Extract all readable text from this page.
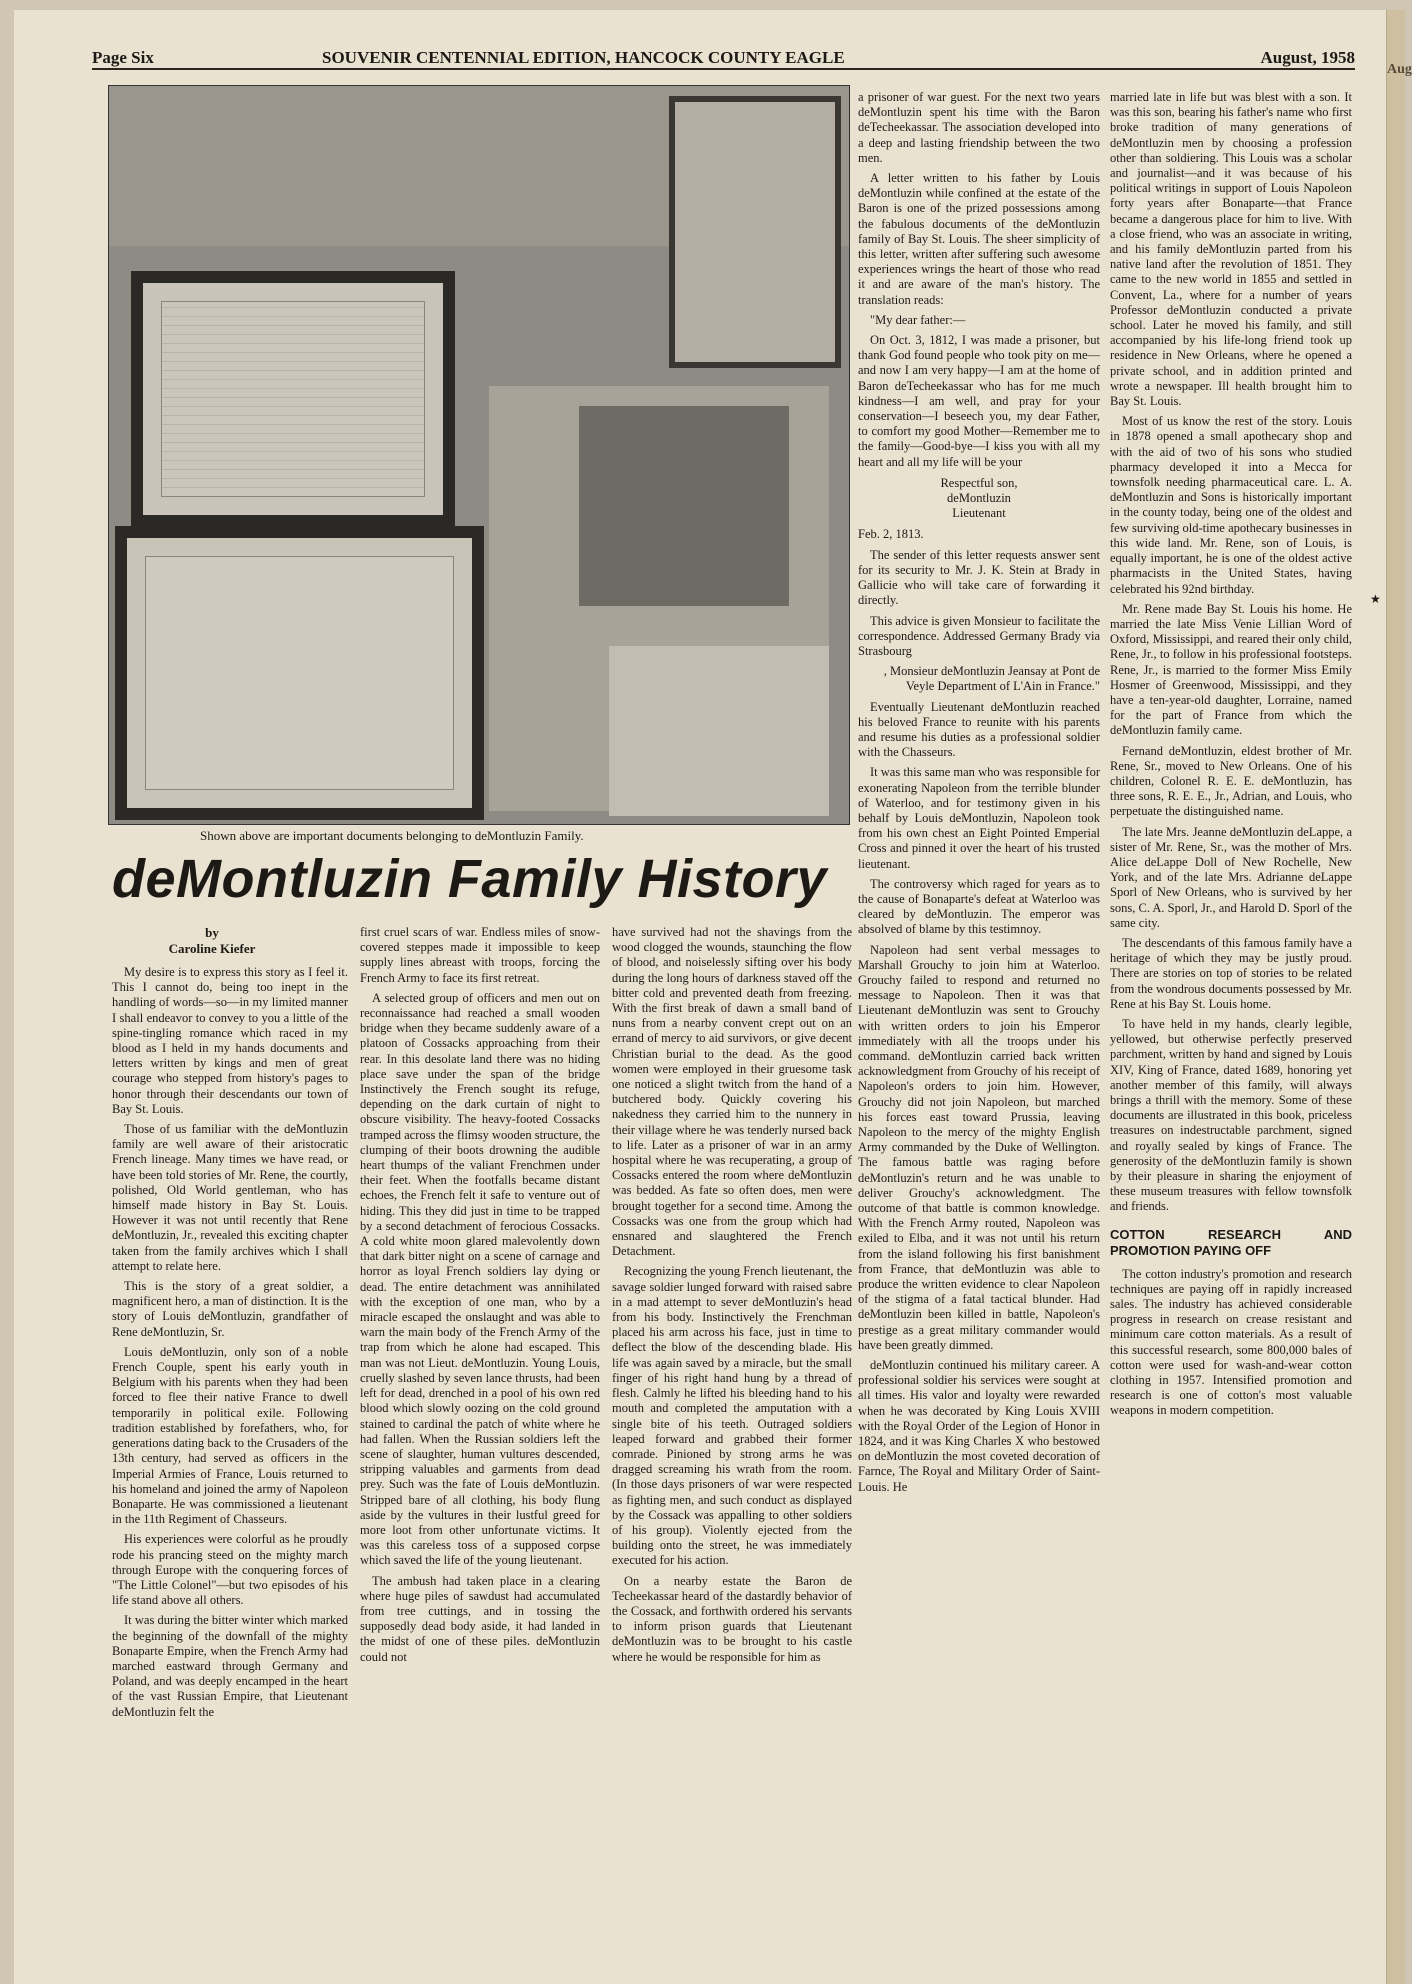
Aug
Page Six	SOUVENIR CENTENNIAL EDITION, HANCOCK COUNTY EAGLE	August, 1958
Shown above are important documents belonging to deMontluzin Family.
deMontluzin Family History
by
Caroline Kiefer

My desire is to express this story as I feel it. This I cannot do, being too inept in the handling of words—so—in my limited manner I shall endeavor to convey to you a little of the spine-tingling romance which raced in my blood as I held in my hands documents and letters written by kings and men of great courage who stepped from history's pages to honor through their descendants our town of Bay St. Louis.

Those of us familiar with the deMontluzin family are well aware of their aristocratic French lineage. Many times we have read, or have been told stories of Mr. Rene, the courtly, polished, Old World gentleman, who has himself made history in Bay St. Louis. However it was not until recently that Rene deMontluzin, Jr., revealed this exciting chapter taken from the family archives which I shall attempt to relate here.

This is the story of a great soldier, a magnificent hero, a man of distinction. It is the story of Louis deMontluzin, grandfather of Rene deMontluzin, Sr.

Louis deMontluzin, only son of a noble French Couple, spent his early youth in Belgium with his parents when they had been forced to flee their native France to dwell temporarily in political exile. Following tradition established by forefathers, who, for generations dating back to the Crusaders of the 13th century, had served as officers in the Imperial Armies of France, Louis returned to his homeland and joined the army of Napoleon Bonaparte. He was commissioned a lieutenant in the 11th Regiment of Chasseurs.

His experiences were colorful as he proudly rode his prancing steed on the mighty march through Europe with the conquering forces of "The Little Colonel"—but two episodes of his life stand above all others.

It was during the bitter winter which marked the beginning of the downfall of the mighty Bonaparte Empire, when the French Army had marched eastward through Germany and Poland, and was deeply encamped in the heart of the vast Russian Empire, that Lieutenant deMontluzin felt the

first cruel scars of war. Endless miles of snow-covered steppes made it impossible to keep supply lines abreast with troops, forcing the French Army to face its first retreat.

A selected group of officers and men out on reconnaissance had reached a small wooden bridge when they became suddenly aware of a platoon of Cossacks approaching from their rear. In this desolate land there was no hiding place save under the span of the bridge Instinctively the French sought its refuge, depending on the dark curtain of night to obscure visibility. The heavy-footed Cossacks tramped across the flimsy wooden structure, the clumping of their boots drowning the audible heart thumps of the valiant Frenchmen under their feet. When the footfalls became distant echoes, the French felt it safe to venture out of hiding. This they did just in time to be trapped by a second detachment of ferocious Cossacks. A cold white moon glared malevolently down that dark bitter night on a scene of carnage and horror as loyal French soldiers lay dying or dead. The entire detachment was annihilated with the exception of one man, who by a miracle escaped the onslaught and was able to warn the main body of the French Army of the trap from which he alone had escaped. This man was not Lieut. deMontluzin. Young Louis, cruelly slashed by seven lance thrusts, had been left for dead, drenched in a pool of his own red blood which slowly oozing on the cold ground stained to cardinal the patch of white where he had fallen. When the Russian soldiers left the scene of slaughter, human vultures descended, stripping valuables and garments from dead prey. Such was the fate of Louis deMontluzin. Stripped bare of all clothing, his body flung aside by the vultures in their lustful greed for more loot from other unfortunate victims. It was this careless toss of a supposed corpse which saved the life of the young lieutenant.

The ambush had taken place in a clearing where huge piles of sawdust had accumulated from tree cuttings, and in tossing the supposedly dead body aside, it had landed in the midst of one of these piles. deMontluzin could not

have survived had not the shavings from the wood clogged the wounds, staunching the flow of blood, and noiselessly sifting over his body during the long hours of darkness staved off the bitter cold and prevented death from freezing. With the first break of dawn a small band of nuns from a nearby convent crept out on an errand of mercy to aid survivors, or give decent Christian burial to the dead. As the good women were employed in their gruesome task one noticed a slight twitch from the hand of a butchered body. Quickly covering his nakedness they carried him to the nunnery in their village where he was tenderly nursed back to life. Later as a prisoner of war in an army hospital where he was recuperating, a group of Cossacks entered the room where deMontluzin was bedded. As fate so often does, men were brought together for a second time. Among the Cossacks was one from the group which had ensnared and slaughtered the French Detachment.

Recognizing the young French lieutenant, the savage soldier lunged forward with raised sabre in a mad attempt to sever deMontluzin's head from his body. Instinctively the Frenchman placed his arm across his face, just in time to deflect the blow of the descending blade. His life was again saved by a miracle, but the small finger of his right hand hung by a thread of flesh. Calmly he lifted his bleeding hand to his mouth and completed the amputation with a single bite of his teeth. Outraged soldiers leaped forward and grabbed their former comrade. Pinioned by strong arms he was dragged screaming his wrath from the room. (In those days prisoners of war were respected as fighting men, and such conduct as displayed by the Cossack was appalling to other soldiers of his group). Violently ejected from the building onto the street, he was immediately executed for his action.

On a nearby estate the Baron de Techeekassar heard of the dastardly behavior of the Cossack, and forthwith ordered his servants to inform prison guards that Lieutenant deMontluzin was to be brought to his castle where he would be responsible for him as

a prisoner of war guest. For the next two years deMontluzin spent his time with the Baron deTecheekassar. The association developed into a deep and lasting friendship between the two men.

A letter written to his father by Louis deMontluzin while confined at the estate of the Baron is one of the prized possessions among the fabulous documents of the deMontluzin family of Bay St. Louis. The sheer simplicity of this letter, written after suffering such awesome experiences wrings the heart of those who read it and are aware of the man's history. The translation reads:

"My dear father:—

On Oct. 3, 1812, I was made a prisoner, but thank God found people who took pity on me—and now I am very happy—I am at the home of Baron deTecheekassar who has for me much kindness—I am well, and pray for your conservation—I beseech you, my dear Father, to comfort my good Mother—Remember me to the family—Good-bye—I kiss you with all my heart and all my life will be your

Respectful son,
deMontluzin
Lieutenant

Feb. 2, 1813.

The sender of this letter requests answer sent for its security to Mr. J. K. Stein at Brady in Gallicie who will take care of forwarding it directly.

This advice is given Monsieur to facilitate the correspondence. Addressed Germany Brady via Strasbourg

, Monsieur deMontluzin Jeansay at Pont de Veyle Department of L'Ain in France."

Eventually Lieutenant deMontluzin reached his beloved France to reunite with his parents and resume his duties as a professional soldier with the Chasseurs.

It was this same man who was responsible for exonerating Napoleon from the terrible blunder of Waterloo, and for testimony given in his behalf by Louis deMontluzin, Napoleon took from his own chest an Eight Pointed Emperial Cross and pinned it over the heart of his trusted lieutenant.

The controversy which raged for years as to the cause of Bonaparte's defeat at Waterloo was cleared by deMontluzin. The emperor was absolved of blame by this testimnoy.

Napoleon had sent verbal messages to Marshall Grouchy to join him at Waterloo. Grouchy failed to respond and returned no message to Napoleon. Then it was that Lieutenant deMontluzin was sent to Grouchy with written orders to join his Emperor immediately with all the troops under his command. deMontluzin carried back written acknowledgment from Grouchy of his receipt of Napoleon's orders to join him. However, Grouchy did not join Napoleon, but marched his forces east toward Prussia, leaving Napoleon to the mercy of the mighty English Army commanded by the Duke of Wellington. The famous battle was raging before deMontluzin's return and he was unable to deliver Grouchy's acknowledgment. The outcome of that battle is common knowledge. With the French Army routed, Napoleon was exiled to Elba, and it was not until his return from the island following his first banishment from France, that deMontluzin was able to produce the written evidence to clear Napoleon of the stigma of a fatal tactical blunder. Had deMontluzin been killed in battle, Napoleon's prestige as a great military commander would have been greatly dimmed.

deMontluzin continued his military career. A professional soldier his services were sought at all times. His valor and loyalty were rewarded when he was decorated by King Louis XVIII with the Royal Order of the Legion of Honor in 1824, and it was King Charles X who bestowed on deMontluzin the most coveted decoration of Farnce, The Royal and Military Order of Saint-Louis. He

married late in life but was blest with a son. It was this son, bearing his father's name who first broke tradition of many generations of deMontluzin men by choosing a profession other than soldiering. This Louis was a scholar and journalist—and it was because of his political writings in support of Louis Napoleon forty years after Bonaparte—that France became a dangerous place for him to live. With a close friend, who was an associate in writing, and his family deMontluzin parted from his native land after the revolution of 1851. They came to the new world in 1855 and settled in Convent, La., where for a number of years Professor deMontluzin conducted a private school. Later he moved his family, and still accompanied by his life-long friend took up residence in New Orleans, where he opened a private school, and in addition printed and wrote a newspaper. Ill health brought him to Bay St. Louis.

Most of us know the rest of the story. Louis in 1878 opened a small apothecary shop and with the aid of two of his sons who studied pharmacy developed it into a Mecca for townsfolk needing pharmaceutical care. L. A. deMontluzin and Sons is historically important in the county today, being one of the oldest and few surviving old-time apothecary businesses in this wide land. Mr. Rene, son of Louis, is equally important, he is one of the oldest active pharmacists in the United States, having celebrated his 92nd birthday.

Mr. Rene made Bay St. Louis his home. He married the late Miss Venie Lillian Word of Oxford, Mississippi, and reared their only child, Rene, Jr., to follow in his professional footsteps. Rene, Jr., is married to the former Miss Emily Hosmer of Greenwood, Mississippi, and they have a ten-year-old daughter, Lorraine, named for the part of France from which the deMontluzin family came.

Fernand deMontluzin, eldest brother of Mr. Rene, Sr., moved to New Orleans. One of his children, Colonel R. E. E. deMontluzin, has three sons, R. E. E., Jr., Adrian, and Louis, who perpetuate the distinguished name.

The late Mrs. Jeanne deMontluzin deLappe, a sister of Mr. Rene, Sr., was the mother of Mrs. Alice deLappe Doll of New Rochelle, New York, and of the late Mrs. Adrianne deLappe Sporl of New Orleans, who is survived by her sons, C. A. Sporl, Jr., and Harold D. Sporl of the same city.

The descendants of this famous family have a heritage of which they may be justly proud. There are stories on top of stories to be related from the wondrous documents possessed by Mr. Rene at his Bay St. Louis home.

To have held in my hands, clearly legible, yellowed, but otherwise perfectly preserved parchment, written by hand and signed by Louis XIV, King of France, dated 1689, honoring yet another member of this family, will always brings a thrill with the memory. Some of these documents are illustrated in this book, priceless treasures on indestructable parchment, signed and royally sealed by kings of France. The generosity of the deMontluzin family is shown by their pleasure in sharing the enjoyment of these museum treasures with fellow townsfolk and friends.

COTTON RESEARCH AND PROMOTION PAYING OFF

The cotton industry's promotion and research techniques are paying off in rapidly increased sales. The industry has achieved considerable progress in research on crease resistant and minimum care cotton materials. As a result of this successful research, some 800,000 bales of cotton were used for wash-and-wear cotton clothing in 1957. Intensified promotion and research is one of cotton's most valuable weapons in modern competition.

★
